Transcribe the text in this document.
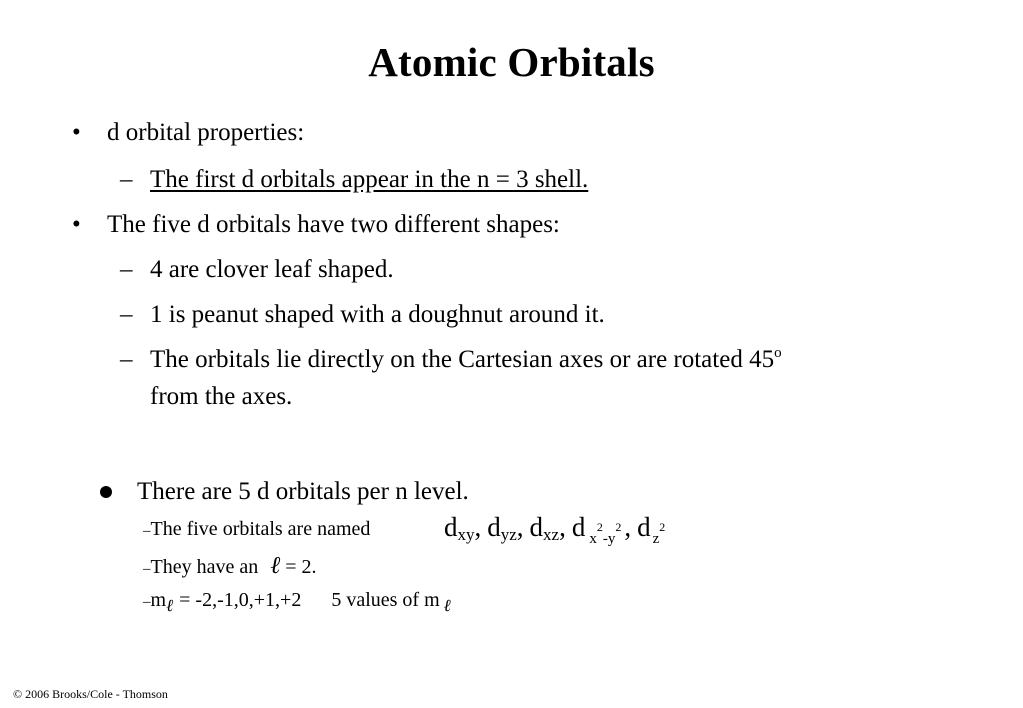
Atomic Orbitals
• d orbital properties:
– The first d orbitals appear in the n = 3 shell.
• The five d orbitals have two different shapes:
– 4 are clover leaf shaped.
– 1 is peanut shaped with a doughnut around it.
– The orbitals lie directly on the Cartesian axes or are rotated 45$^o$
from the axes.
There are 5 d orbitals per n level.
–The five orbitals are named	$d_{xy}$, $d_{yz}$, $d_{xz}$, d $_x^2_{-y}^2$ , d $_z^2$
–They have an ℓ = 2.
$-m_\ell = -2,-1,0,+1,+2$ 5 values of m $_\ell$
© 2006 Brooks/Cole - Thomson
